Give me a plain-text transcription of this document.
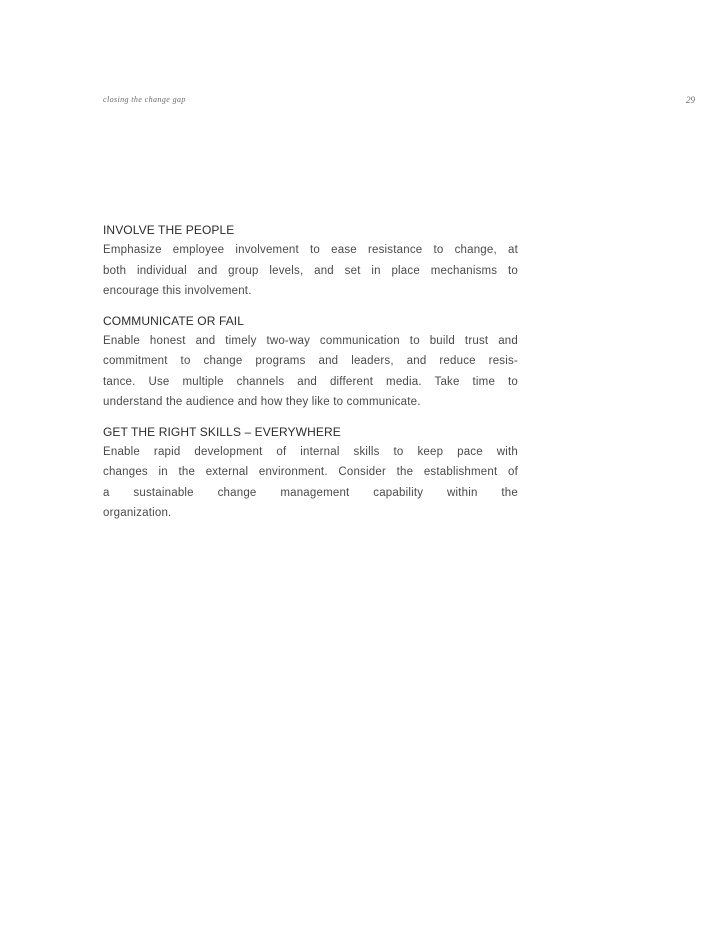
closing the change gap	29
INVOLVE THE PEOPLE

Emphasize employee involvement to ease resistance to change, at
both individual and group levels, and set in place mechanisms to
encourage this involvement.

COMMUNICATE OR FAIL

Enable honest and timely two-way communication to build trust and
commitment to change programs and leaders, and reduce resis-
tance. Use multiple channels and different media. Take time to
understand the audience and how they like to communicate.

GET THE RIGHT SKILLS – EVERYWHERE

Enable rapid development of internal skills to keep pace with
changes in the external environment. Consider the establishment of
a sustainable change management capability within the
organization.
